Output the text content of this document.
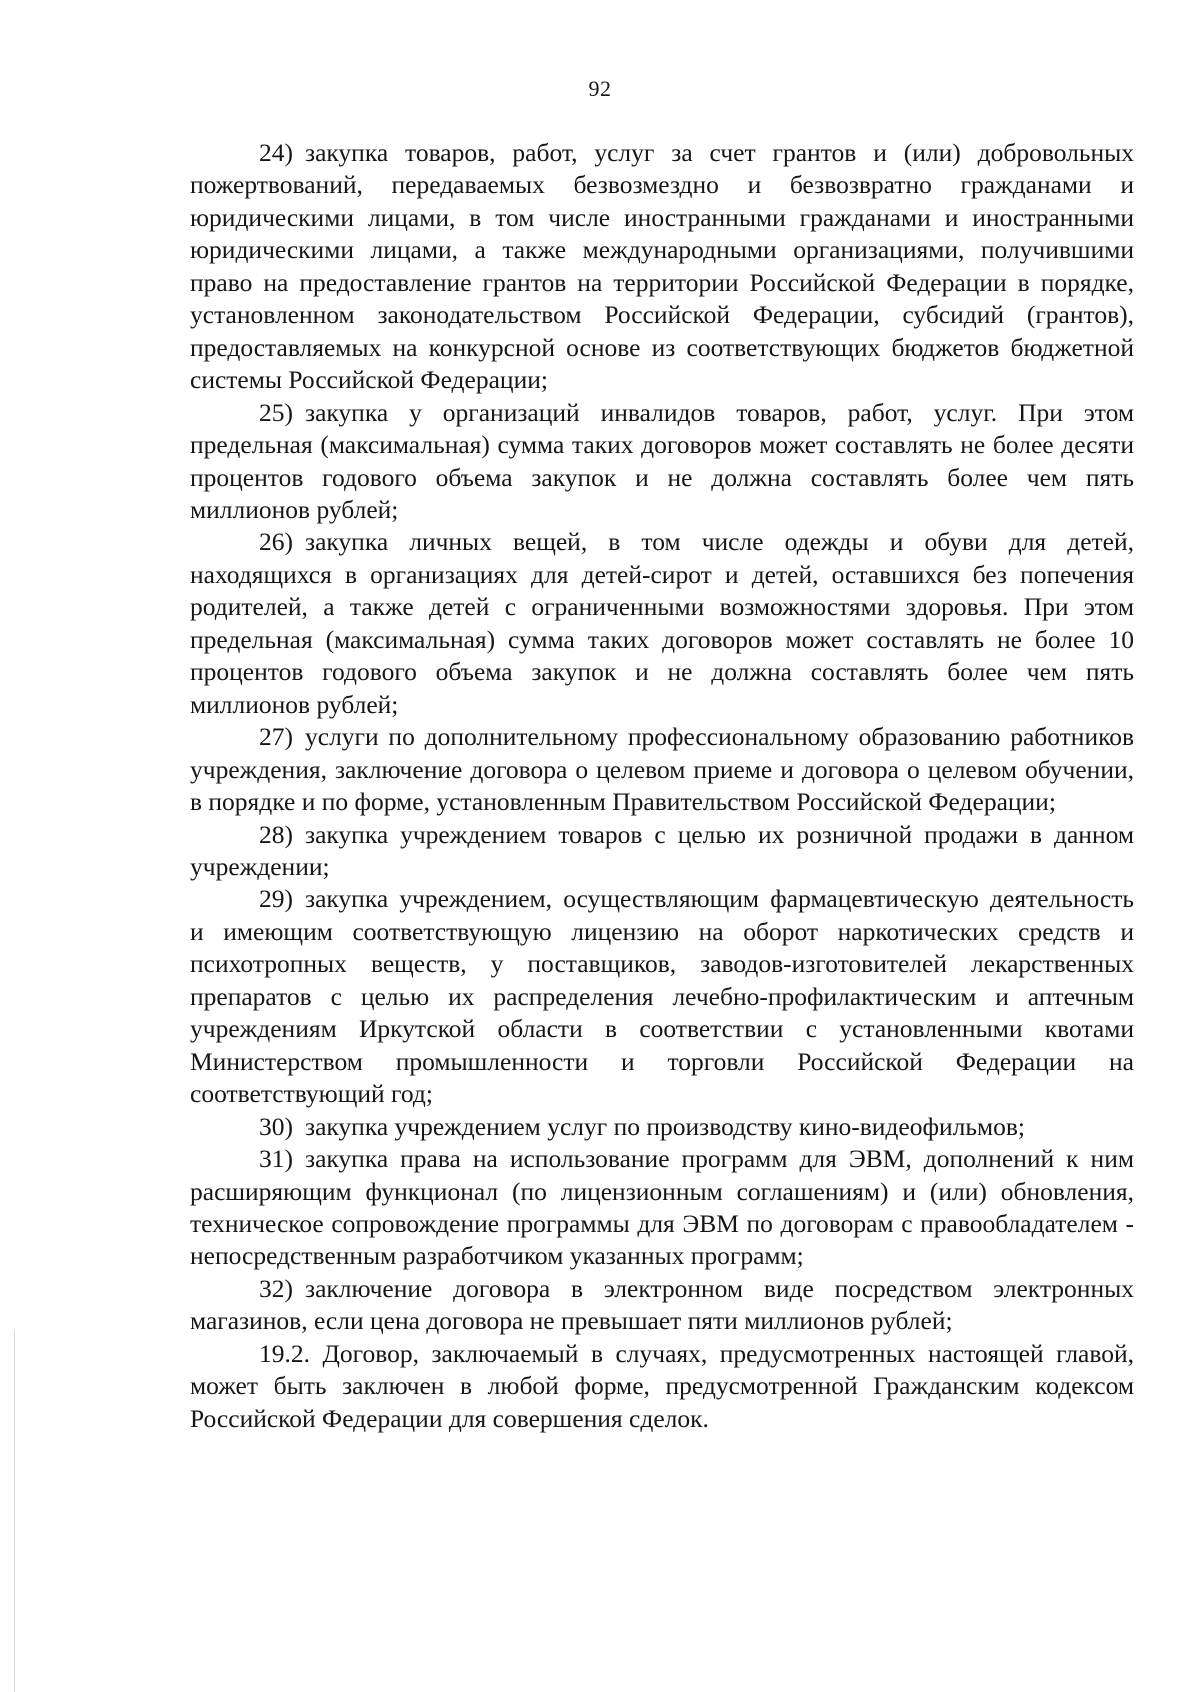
92

24) закупка товаров, работ, услуг за счет грантов и (или) добровольных пожертвований, передаваемых безвозмездно и безвозвратно гражданами и юридическими лицами, в том числе иностранными гражданами и иностранными юридическими лицами, а также международными организациями, получившими право на предоставление грантов на территории Российской Федерации в порядке, установленном законодательством Российской Федерации, субсидий (грантов), предоставляемых на конкурсной основе из соответствующих бюджетов бюджетной системы Российской Федерации;

25) закупка у организаций инвалидов товаров, работ, услуг. При этом предельная (максимальная) сумма таких договоров может составлять не более десяти процентов годового объема закупок и не должна составлять более чем пять миллионов рублей;

26) закупка личных вещей, в том числе одежды и обуви для детей, находящихся в организациях для детей-сирот и детей, оставшихся без попечения родителей, а также детей с ограниченными возможностями здоровья. При этом предельная (максимальная) сумма таких договоров может составлять не более 10 процентов годового объема закупок и не должна составлять более чем пять миллионов рублей;

27) услуги по дополнительному профессиональному образованию работников учреждения, заключение договора о целевом приеме и договора о целевом обучении, в порядке и по форме, установленным Правительством Российской Федерации;

28) закупка учреждением товаров с целью их розничной продажи в данном учреждении;

29) закупка учреждением, осуществляющим фармацевтическую деятельность и имеющим соответствующую лицензию на оборот наркотических средств и психотропных веществ, у поставщиков, заводов-изготовителей лекарственных препаратов с целью их распределения лечебно-профилактическим и аптечным учреждениям Иркутской области в соответствии с установленными квотами Министерством промышленности и торговли Российской Федерации на соответствующий год;

30) закупка учреждением услуг по производству кино-видеофильмов;

31) закупка права на использование программ для ЭВМ, дополнений к ним расширяющим функционал (по лицензионным соглашениям) и (или) обновления, техническое сопровождение программы для ЭВМ по договорам с правообладателем - непосредственным разработчиком указанных программ;

32) заключение договора в электронном виде посредством электронных магазинов, если цена договора не превышает пяти миллионов рублей;

19.2. Договор, заключаемый в случаях, предусмотренных настоящей главой, может быть заключен в любой форме, предусмотренной Гражданским кодексом Российской Федерации для совершения сделок.
